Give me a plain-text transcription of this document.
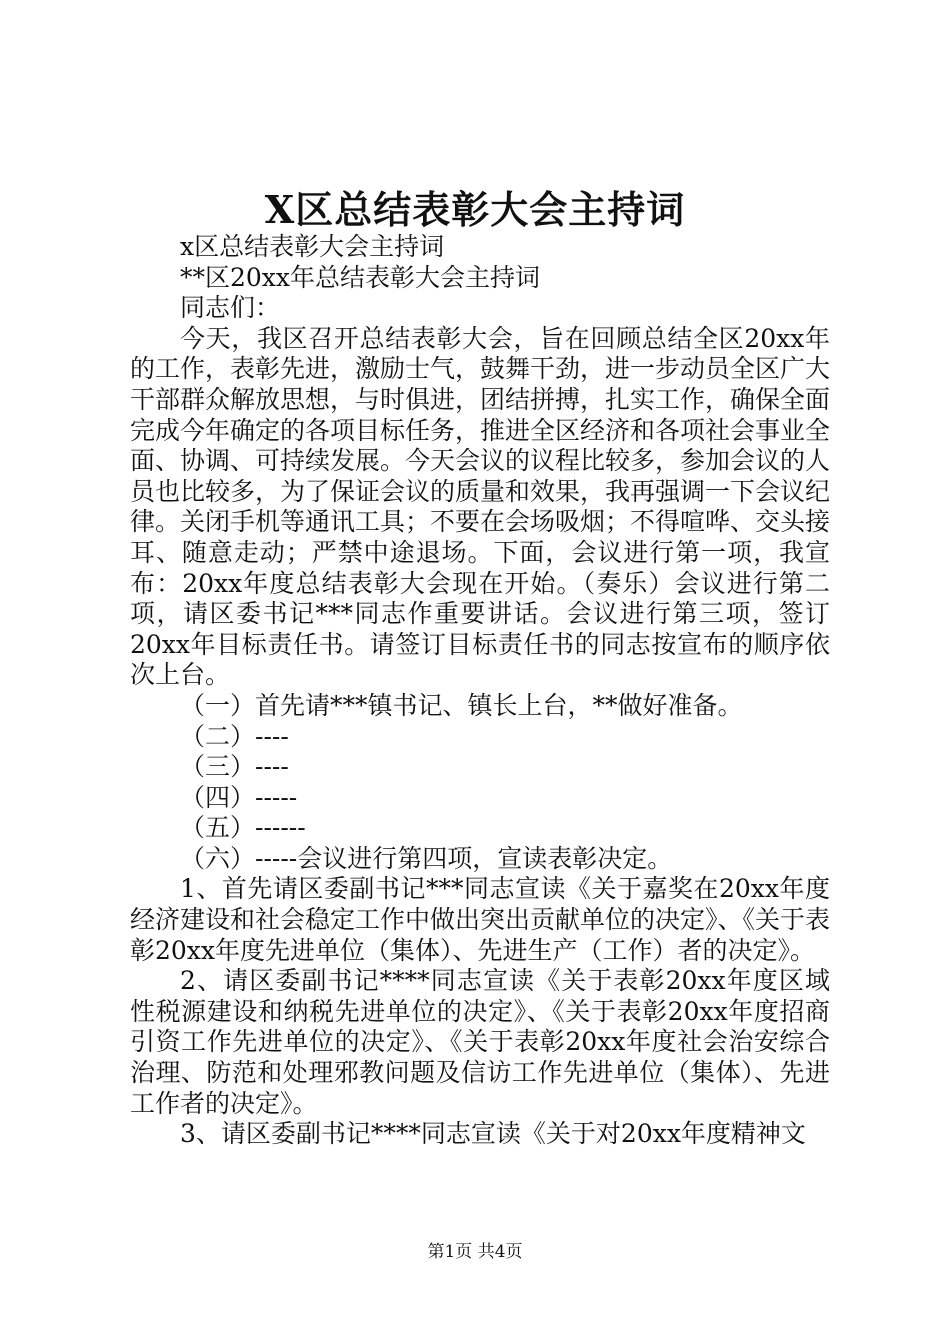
X区总结表彰大会主持词

x区总结表彰大会主持词

**区20xx年总结表彰大会主持词

同志们：

今天，我区召开总结表彰大会，旨在回顾总结全区20xx年的工作，表彰先进，激励士气，鼓舞干劲，进一步动员全区广大干部群众解放思想，与时俱进，团结拼搏，扎实工作，确保全面完成今年确定的各项目标任务，推进全区经济和各项社会事业全面、协调、可持续发展。今天会议的议程比较多，参加会议的人员也比较多，为了保证会议的质量和效果，我再强调一下会议纪律。关闭手机等通讯工具；不要在会场吸烟；不得喧哗、交头接耳、随意走动；严禁中途退场。下面，会议进行第一项，我宣布：20xx年度总结表彰大会现在开始。（奏乐）会议进行第二项，请区委书记***同志作重要讲话。会议进行第三项，签订20xx年目标责任书。请签订目标责任书的同志按宣布的顺序依次上台。

（一）首先请***镇书记、镇长上台，**做好准备。

（二）----

（三）----

（四）-----

（五）------

（六）-----会议进行第四项，宣读表彰决定。

1、首先请区委副书记***同志宣读《关于嘉奖在20xx年度经济建设和社会稳定工作中做出突出贡献单位的决定》、《关于表彰20xx年度先进单位（集体）、先进生产（工作）者的决定》。

2、请区委副书记****同志宣读《关于表彰20xx年度区域性税源建设和纳税先进单位的决定》、《关于表彰20xx年度招商引资工作先进单位的决定》、《关于表彰20xx年度社会治安综合治理、防范和处理邪教问题及信访工作先进单位（集体）、先进工作者的决定》。

3、请区委副书记****同志宣读《关于对20xx年度精神文

第1页 共4页
